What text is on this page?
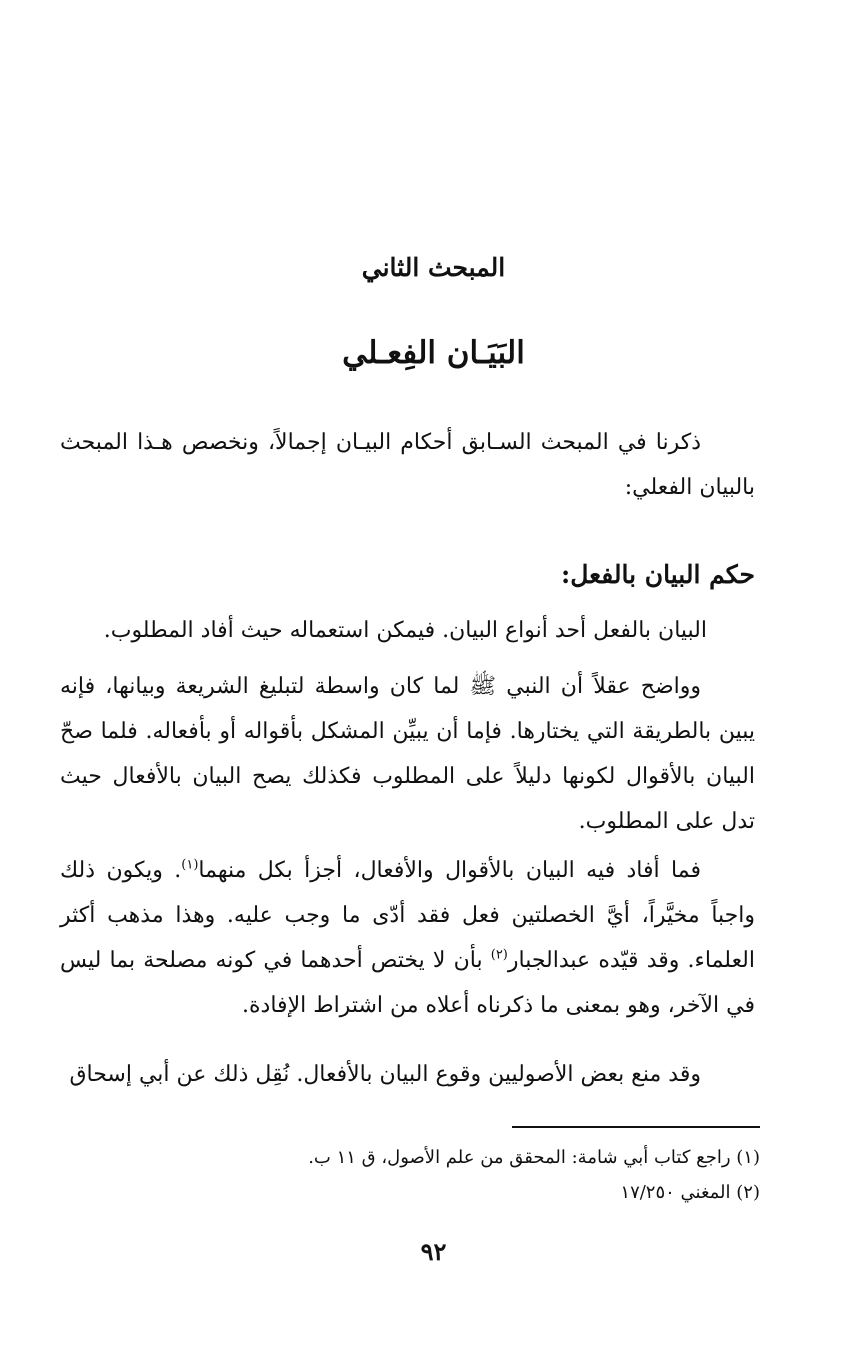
المبحث الثاني
البَيَـان الفِعـلي

ذكرنا في المبحث السـابق أحكام البيـان إجمالاً، ونخصص هـذا المبحث بالبيان الفعلي:

حكم البيان بالفعل:

البيان بالفعل أحد أنواع البيان. فيمكن استعماله حيث أفاد المطلوب.

وواضح عقلاً أن النبي ﷺ لما كان واسطة لتبليغ الشريعة وبيانها، فإنه يبين بالطريقة التي يختارها. فإما أن يبيِّن المشكل بأقواله أو بأفعاله. فلما صحّ البيان بالأقوال لكونها دليلاً على المطلوب فكذلك يصح البيان بالأفعال حيث تدل على المطلوب.

فما أفاد فيه البيان بالأقوال والأفعال، أجزأ بكل منهما$^{(١)}$. ويكون ذلك واجباً مخيَّراً، أيَّ الخصلتين فعل فقد أدّى ما وجب عليه. وهذا مذهب أكثر العلماء. وقد قيّده عبدالجبار$^{(٢)}$ بأن لا يختص أحدهما في كونه مصلحة بما ليس في الآخر، وهو بمعنى ما ذكرناه أعلاه من اشتراط الإفادة.

وقد منع بعض الأصوليين وقوع البيان بالأفعال. نُقِل ذلك عن أبي إسحاق

(١) راجع كتاب أبي شامة: المحقق من علم الأصول، ق ١١ ب.
(٢) المغني ١٧/٢٥٠
٩٢
